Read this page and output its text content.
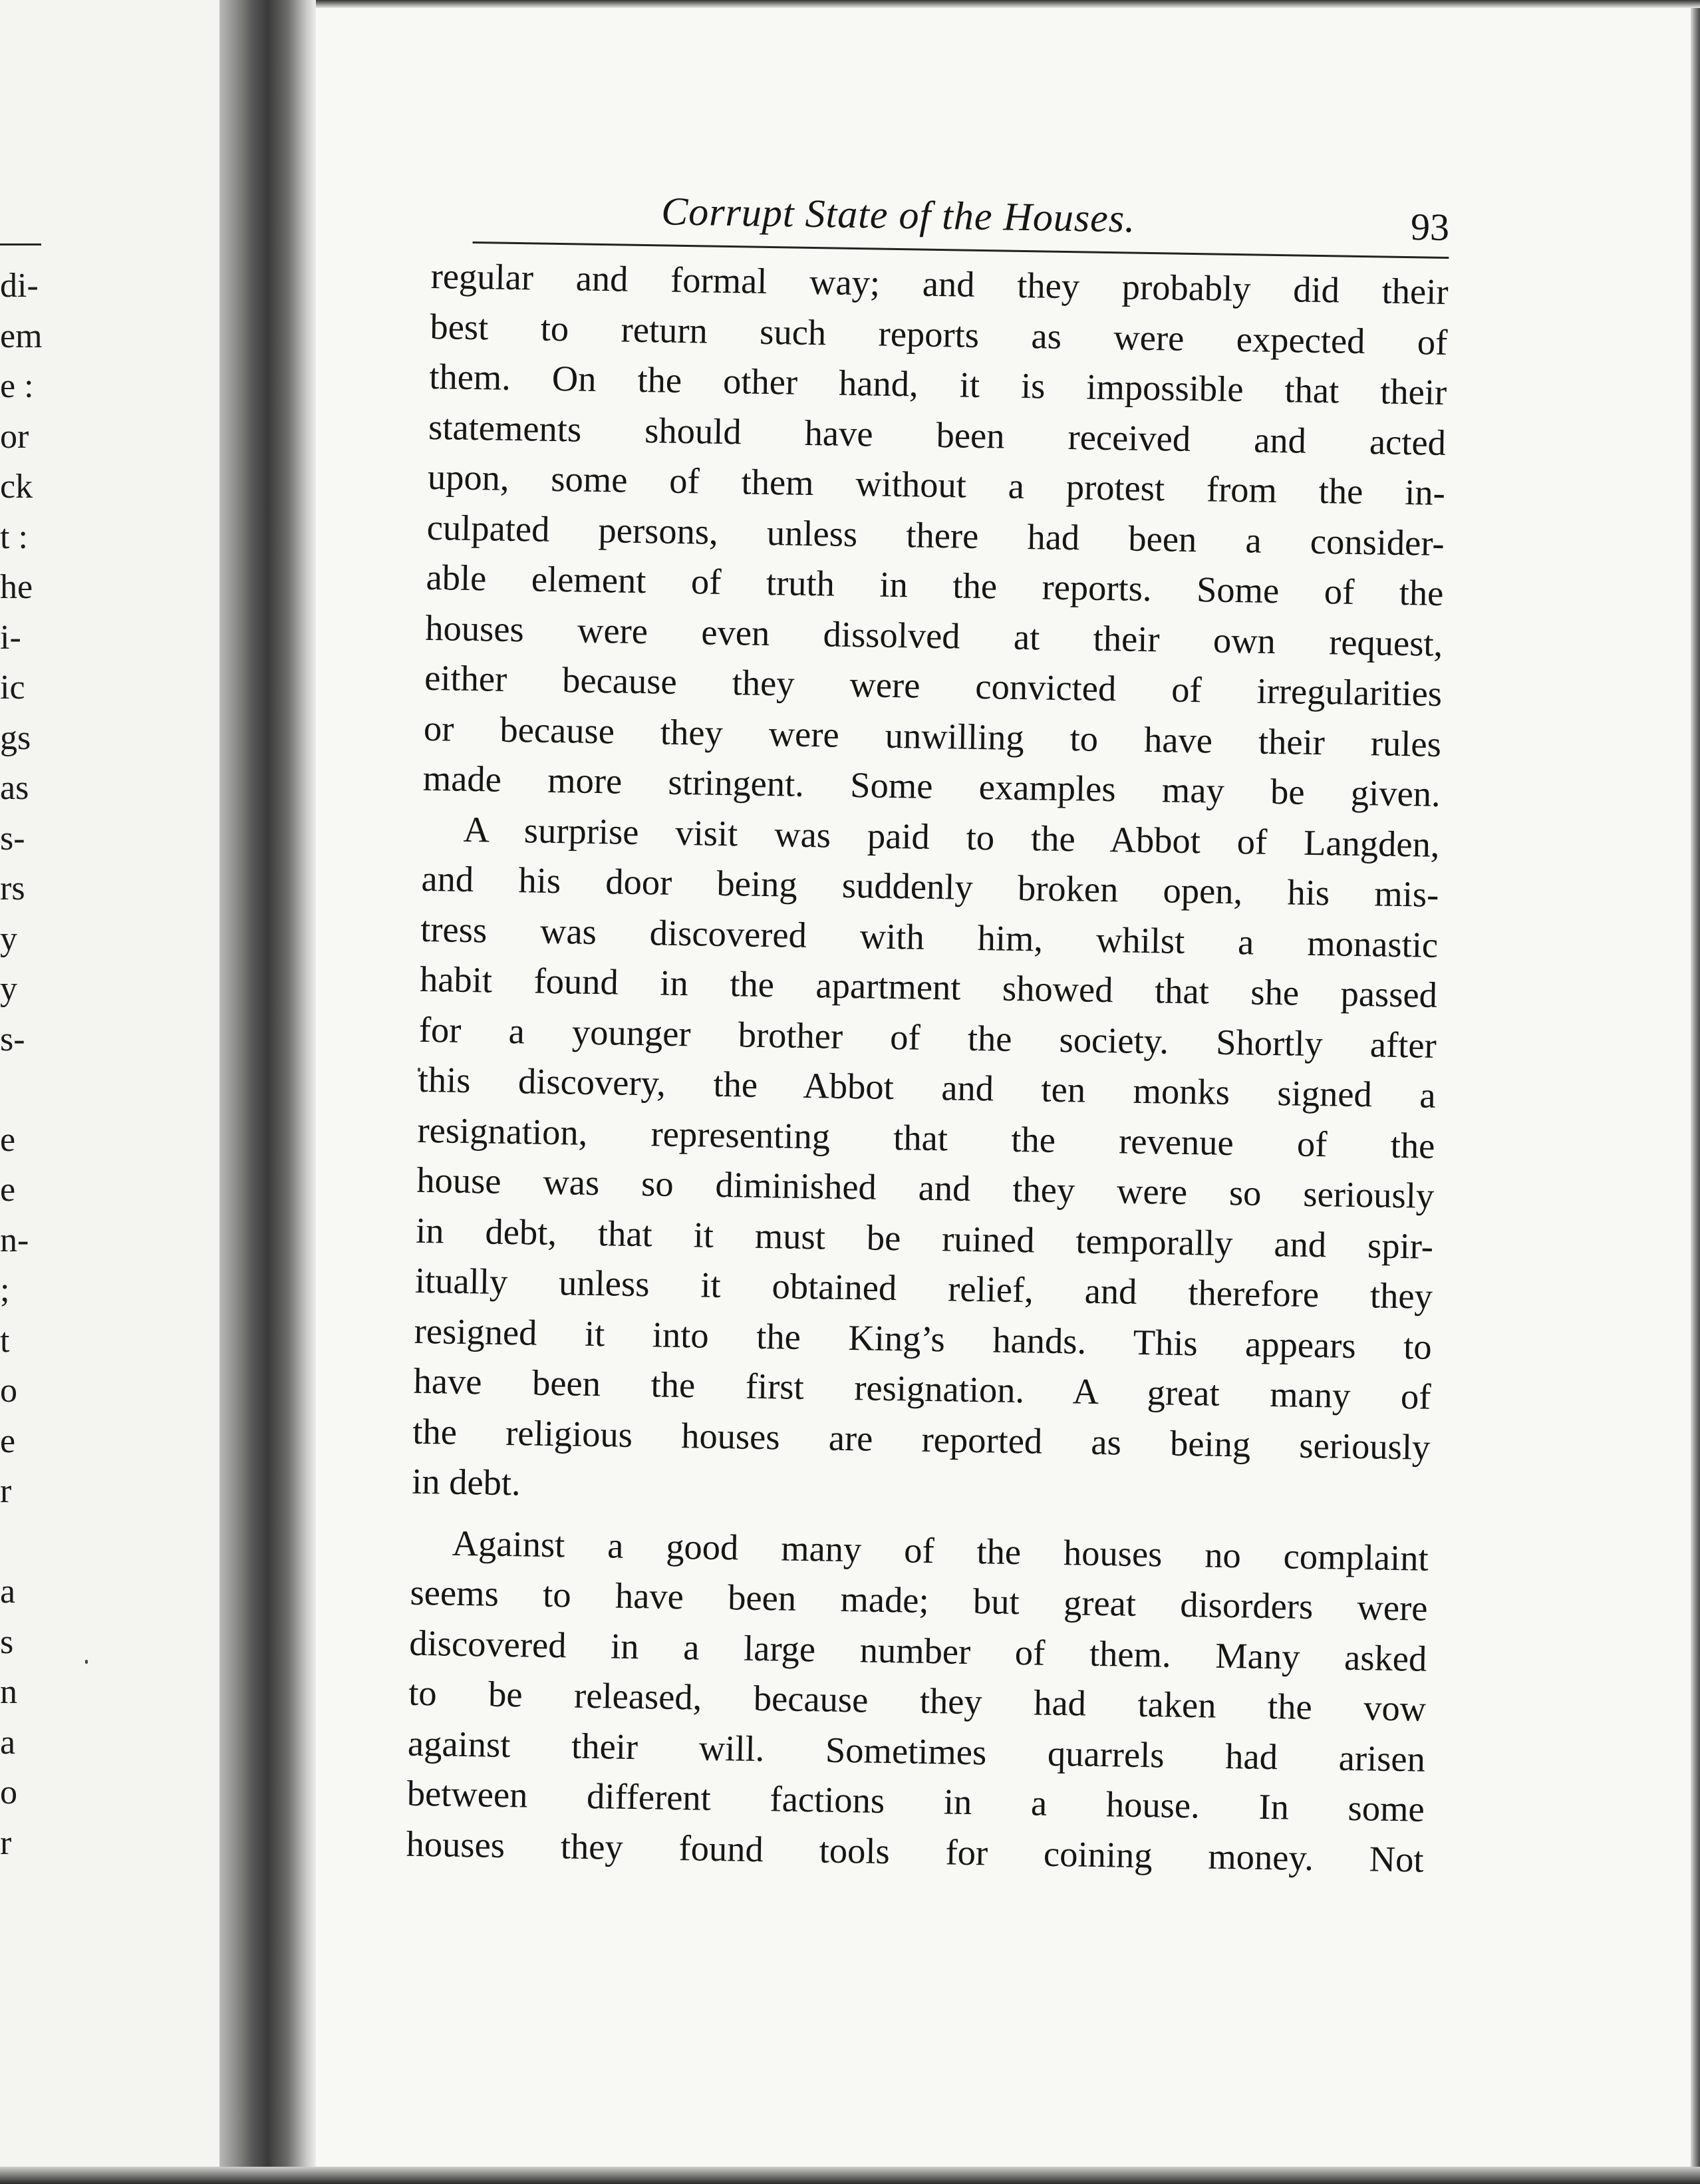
di-
em
e :
or
ck
t :
he
i-
ic
gs
as
s-
rs
y
y
s-
e
e
n-
;
t
o
e
r
a
s
n
a
o
r
Corrupt State of the Houses.	93
regular and formal way; and they probably did their
best to return such reports as were expected of
them. On the other hand, it is impossible that their
statements should have been received and acted
upon, some of them without a protest from the in-
culpated persons, unless there had been a consider-
able element of truth in the reports. Some of the
houses were even dissolved at their own request,
either because they were convicted of irregularities
or because they were unwilling to have their rules
made more stringent. Some examples may be given.
A surprise visit was paid to the Abbot of Langden,
and his door being suddenly broken open, his mis-
tress was discovered with him, whilst a monastic
habit found in the apartment showed that she passed
for a younger brother of the society. Shortly after
this discovery, the Abbot and ten monks signed a
resignation, representing that the revenue of the
house was so diminished and they were so seriously
in debt, that it must be ruined temporally and spir-
itually unless it obtained relief, and therefore they
resigned it into the King’s hands. This appears to
have been the first resignation. A great many of
the religious houses are reported as being seriously
in debt.
Against a good many of the houses no complaint
seems to have been made; but great disorders were
discovered in a large number of them. Many asked
to be released, because they had taken the vow
against their will. Sometimes quarrels had arisen
between different factions in a house. In some
houses they found tools for coining money. Not
